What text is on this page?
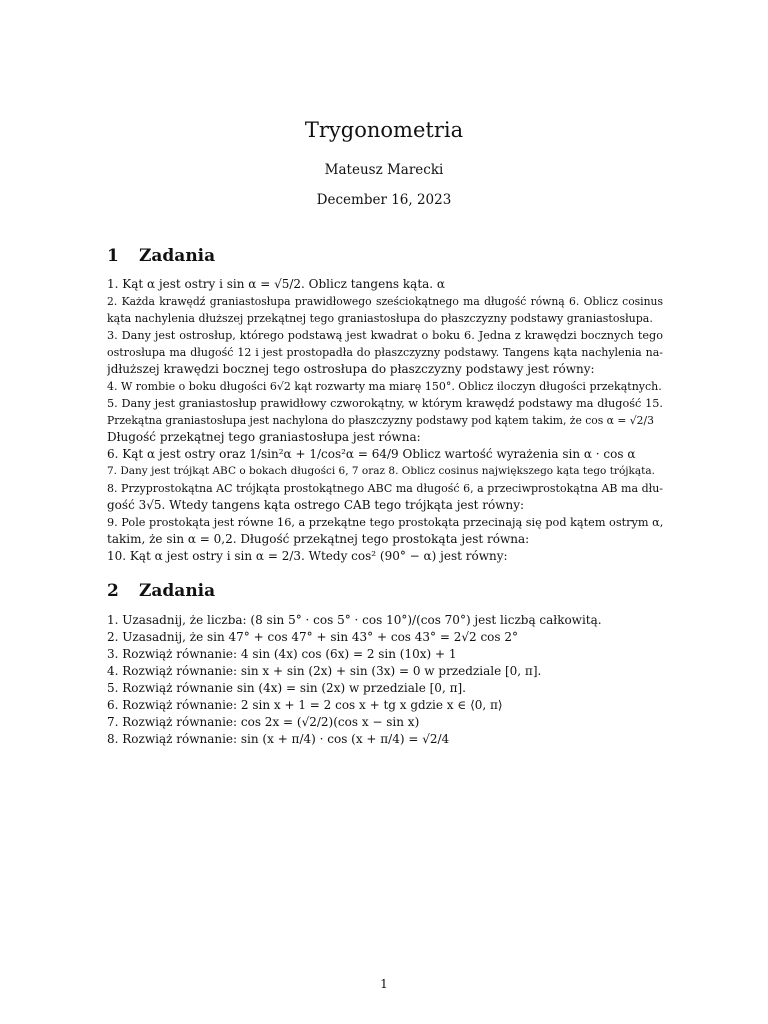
Trygonometria
Mateusz Marecki
December 16, 2023
1 Zadania
1. Kąt α jest ostry i sin α = √5/2. Oblicz tangens kąta. α
2. Każda krawędź graniastosłupa prawidłowego sześciokątnego ma długość równą 6. Oblicz cosinus
kąta nachylenia dłuższej przekątnej tego graniastosłupa do płaszczyzny podstawy graniastosłupa.
3. Dany jest ostrosłup, którego podstawą jest kwadrat o boku 6. Jedna z krawędzi bocznych tego
ostrosłupa ma długość 12 i jest prostopadła do płaszczyzny podstawy. Tangens kąta nachylenia na-
jdłuższej krawędzi bocznej tego ostrosłupa do płaszczyzny podstawy jest równy:
4. W rombie o boku długości 6√2 kąt rozwarty ma miarę 150°. Oblicz iloczyn długości przekątnych.
5. Dany jest graniastosłup prawidłowy czworokątny, w którym krawędź podstawy ma długość 15.
Przekątna graniastosłupa jest nachylona do płaszczyzny podstawy pod kątem takim, że cos α = √2/3
Długość przekątnej tego graniastosłupa jest równa:
6. Kąt α jest ostry oraz 1/sin²α + 1/cos²α = 64/9 Oblicz wartość wyrażenia sin α · cos α
7. Dany jest trójkąt ABC o bokach długości 6, 7 oraz 8. Oblicz cosinus największego kąta tego trójkąta.
8. Przyprostokątna AC trójkąta prostokątnego ABC ma długość 6, a przeciwprostokątna AB ma dłu-
gość 3√5. Wtedy tangens kąta ostrego CAB tego trójkąta jest równy:
9. Pole prostokąta jest równe 16, a przekątne tego prostokąta przecinają się pod kątem ostrym α,
takim, że sin α = 0,2. Długość przekątnej tego prostokąta jest równa:
10. Kąt α jest ostry i sin α = 2/3. Wtedy cos² (90° − α) jest równy:
2 Zadania
1. Uzasadnij, że liczba: (8 sin 5° · cos 5° · cos 10°)/(cos 70°) jest liczbą całkowitą.
2. Uzasadnij, że sin 47° + cos 47° + sin 43° + cos 43° = 2√2 cos 2°
3. Rozwiąż równanie: 4 sin (4x) cos (6x) = 2 sin (10x) + 1
4. Rozwiąż równanie: sin x + sin (2x) + sin (3x) = 0 w przedziale [0, π].
5. Rozwiąż równanie sin (4x) = sin (2x) w przedziale [0, π].
6. Rozwiąż równanie: 2 sin x + 1 = 2 cos x + tg x gdzie x ∈ ⟨0, π⟩
7. Rozwiąż równanie: cos 2x = (√2/2)(cos x − sin x)
8. Rozwiąż równanie: sin (x + π/4) · cos (x + π/4) = √2/4
1
